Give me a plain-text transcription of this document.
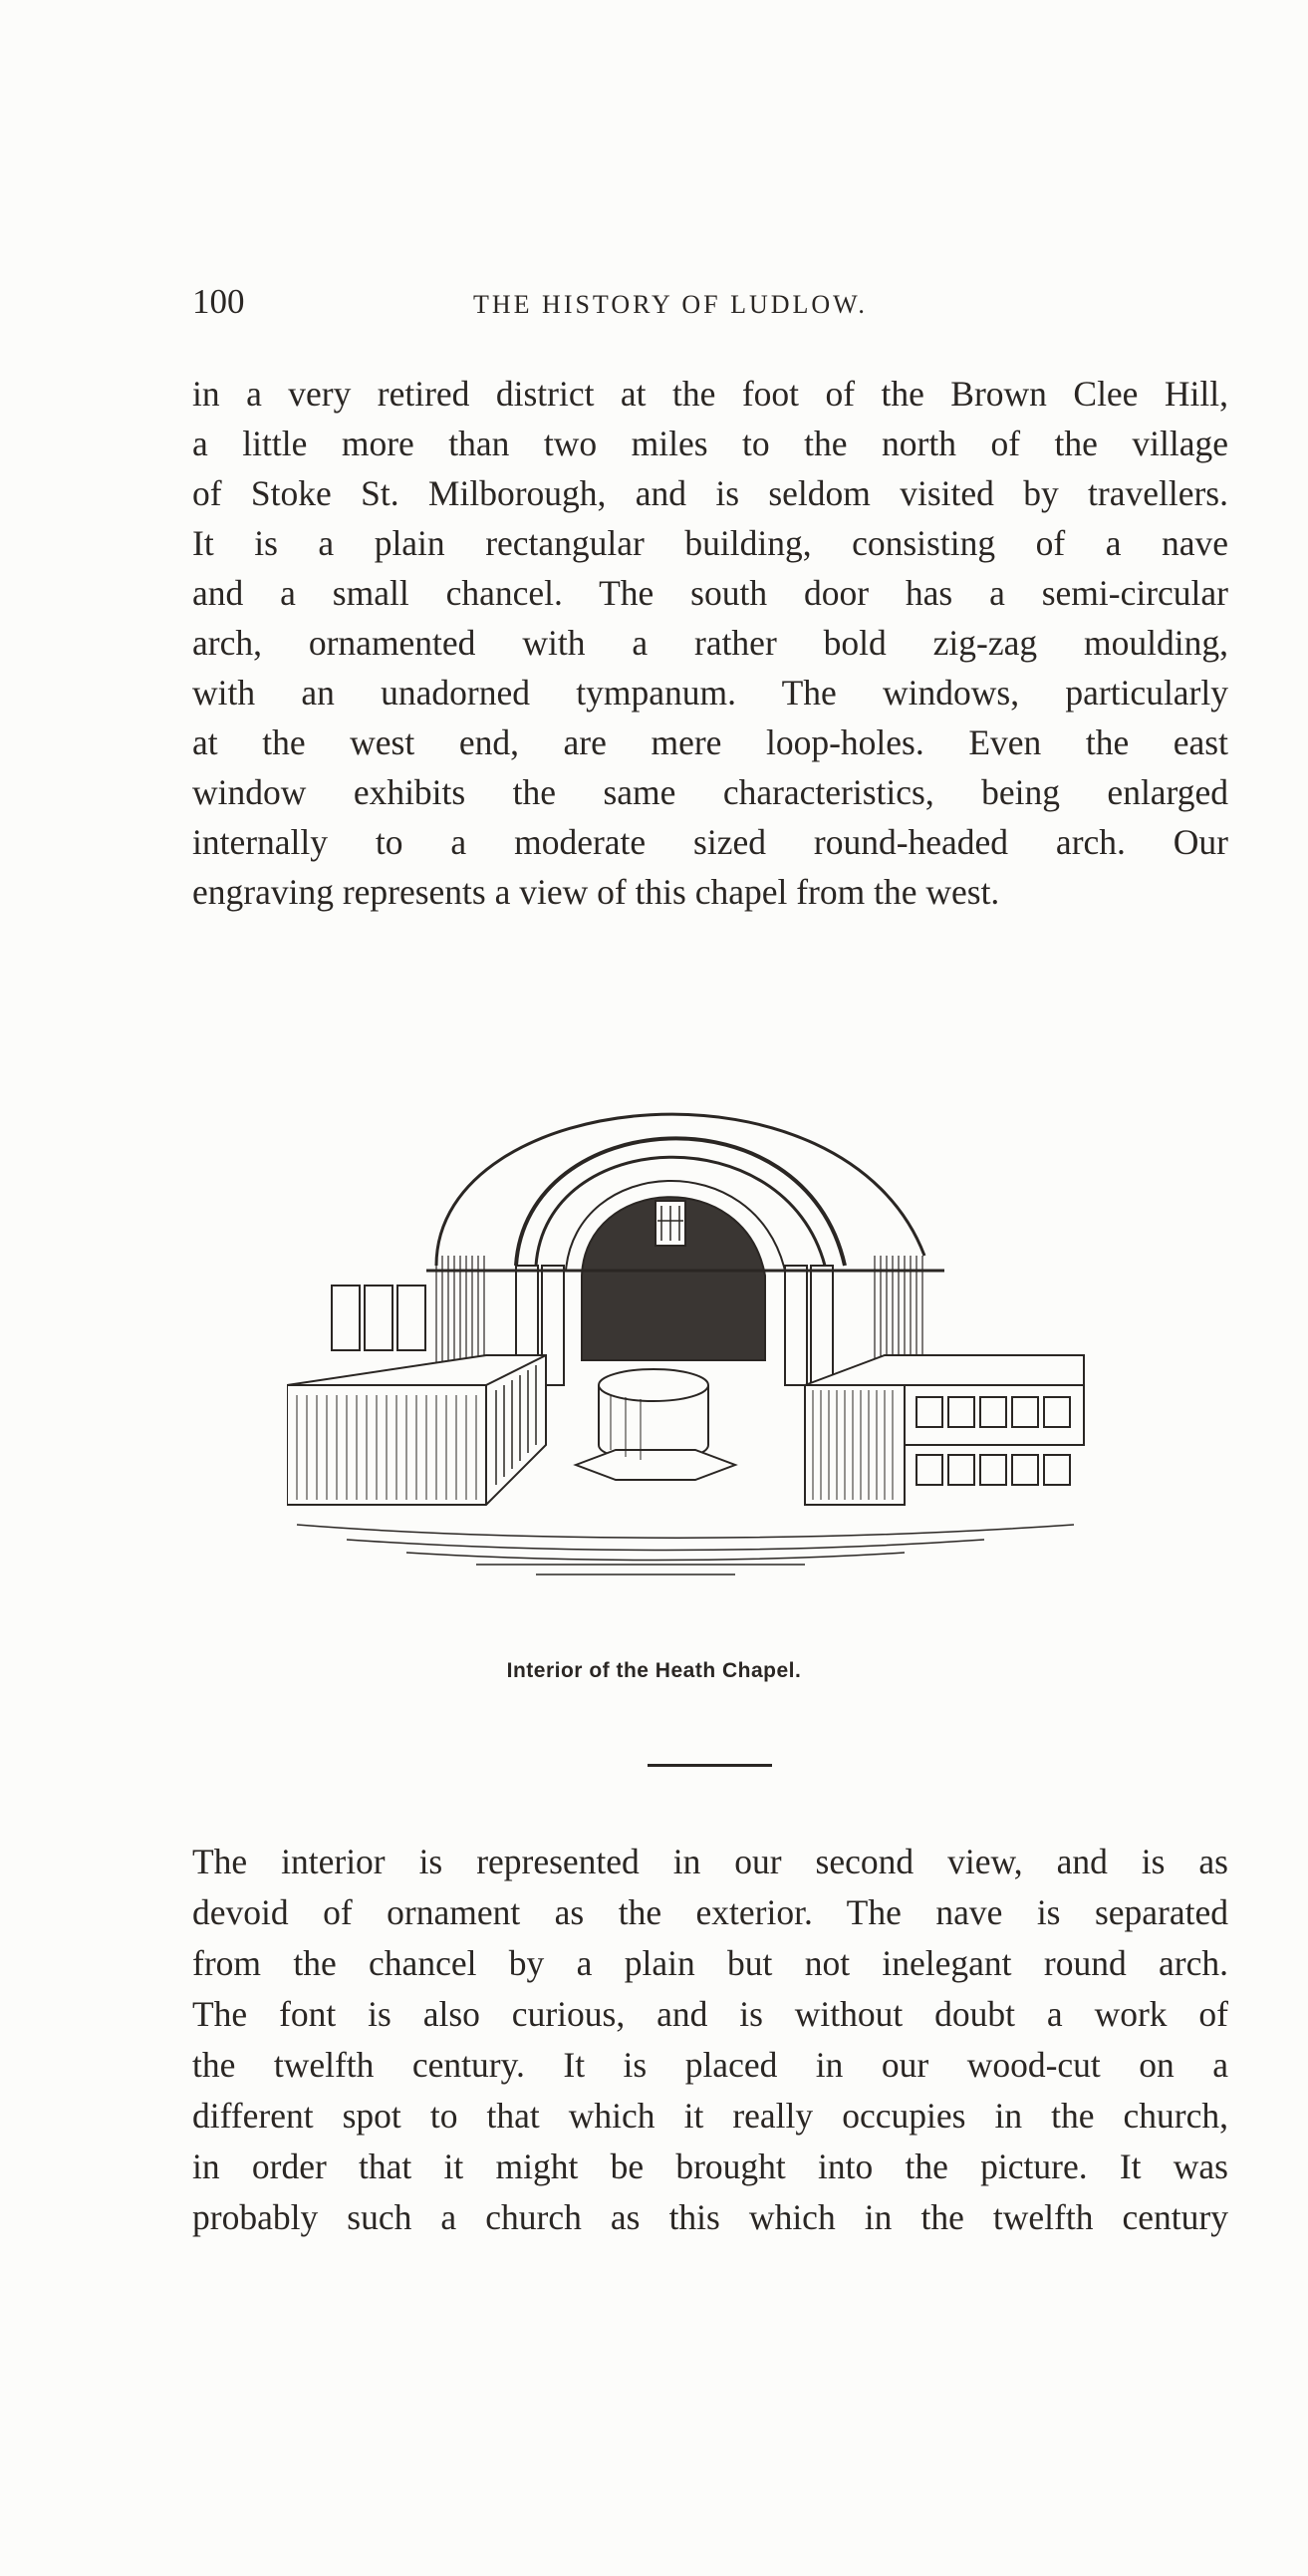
100	THE HISTORY OF LUDLOW.

in a very retired district at the foot of the Brown Clee Hill,
a little more than two miles to the north of the village
of Stoke St. Milborough, and is seldom visited by travellers.
It is a plain rectangular building, consisting of a nave
and a small chancel. The south door has a semi-circular
arch, ornamented with a rather bold zig-zag moulding,
with an unadorned tympanum. The windows, particularly
at the west end, are mere loop-holes. Even the east
window exhibits the same characteristics, being enlarged
internally to a moderate sized round-headed arch. Our
engraving represents a view of this chapel from the west.

Interior of the Heath Chapel.

The interior is represented in our second view, and is as
devoid of ornament as the exterior. The nave is separated
from the chancel by a plain but not inelegant round arch.
The font is also curious, and is without doubt a work of
the twelfth century. It is placed in our wood-cut on a
different spot to that which it really occupies in the church,
in order that it might be brought into the picture. It was
probably such a church as this which in the twelfth century
